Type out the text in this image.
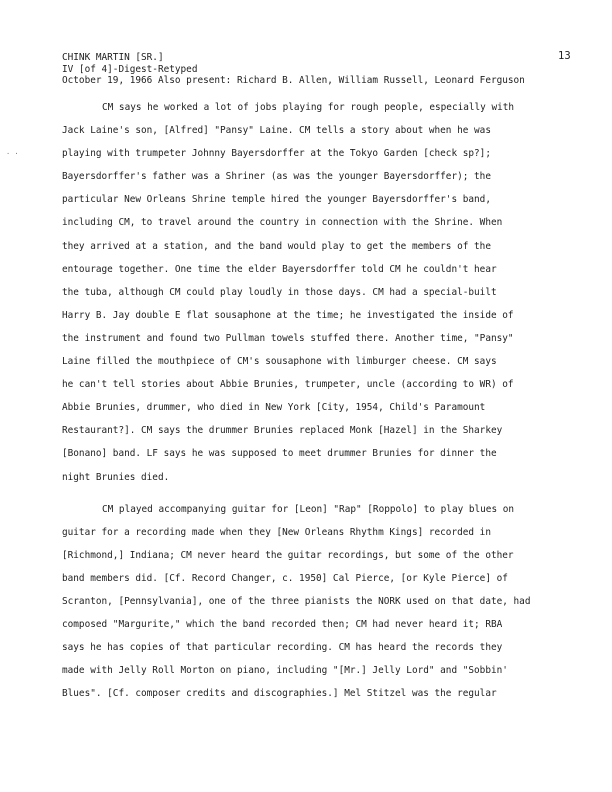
· ·
CHINK MARTIN [SR.]
IV [of 4]-Digest-Retyped
October 19, 1966 Also present: Richard B. Allen, William Russell, Leonard Ferguson
13
CM says he worked a lot of jobs playing for rough people, especially with
Jack Laine's son, [Alfred] "Pansy" Laine. CM tells a story about when he was
playing with trumpeter Johnny Bayersdorffer at the Tokyo Garden [check sp?];
Bayersdorffer's father was a Shriner (as was the younger Bayersdorffer); the
particular New Orleans Shrine temple hired the younger Bayersdorffer's band,
including CM, to travel around the country in connection with the Shrine. When
they arrived at a station, and the band would play to get the members of the
entourage together. One time the elder Bayersdorffer told CM he couldn't hear
the tuba, although CM could play loudly in those days. CM had a special-built
Harry B. Jay double E flat sousaphone at the time; he investigated the inside of
the instrument and found two Pullman towels stuffed there. Another time, "Pansy"
Laine filled the mouthpiece of CM's sousaphone with limburger cheese. CM says
he can't tell stories about Abbie Brunies, trumpeter, uncle (according to WR) of
Abbie Brunies, drummer, who died in New York [City, 1954, Child's Paramount
Restaurant?]. CM says the drummer Brunies replaced Monk [Hazel] in the Sharkey
[Bonano] band. LF says he was supposed to meet drummer Brunies for dinner the
night Brunies died.
CM played accompanying guitar for [Leon] "Rap" [Roppolo] to play blues on
guitar for a recording made when they [New Orleans Rhythm Kings] recorded in
[Richmond,] Indiana; CM never heard the guitar recordings, but some of the other
band members did. [Cf. Record Changer, c. 1950] Cal Pierce, [or Kyle Pierce] of
Scranton, [Pennsylvania], one of the three pianists the NORK used on that date, had
composed "Margurite," which the band recorded then; CM had never heard it; RBA
says he has copies of that particular recording. CM has heard the records they
made with Jelly Roll Morton on piano, including "[Mr.] Jelly Lord" and "Sobbin'
Blues". [Cf. composer credits and discographies.] Mel Stitzel was the regular
